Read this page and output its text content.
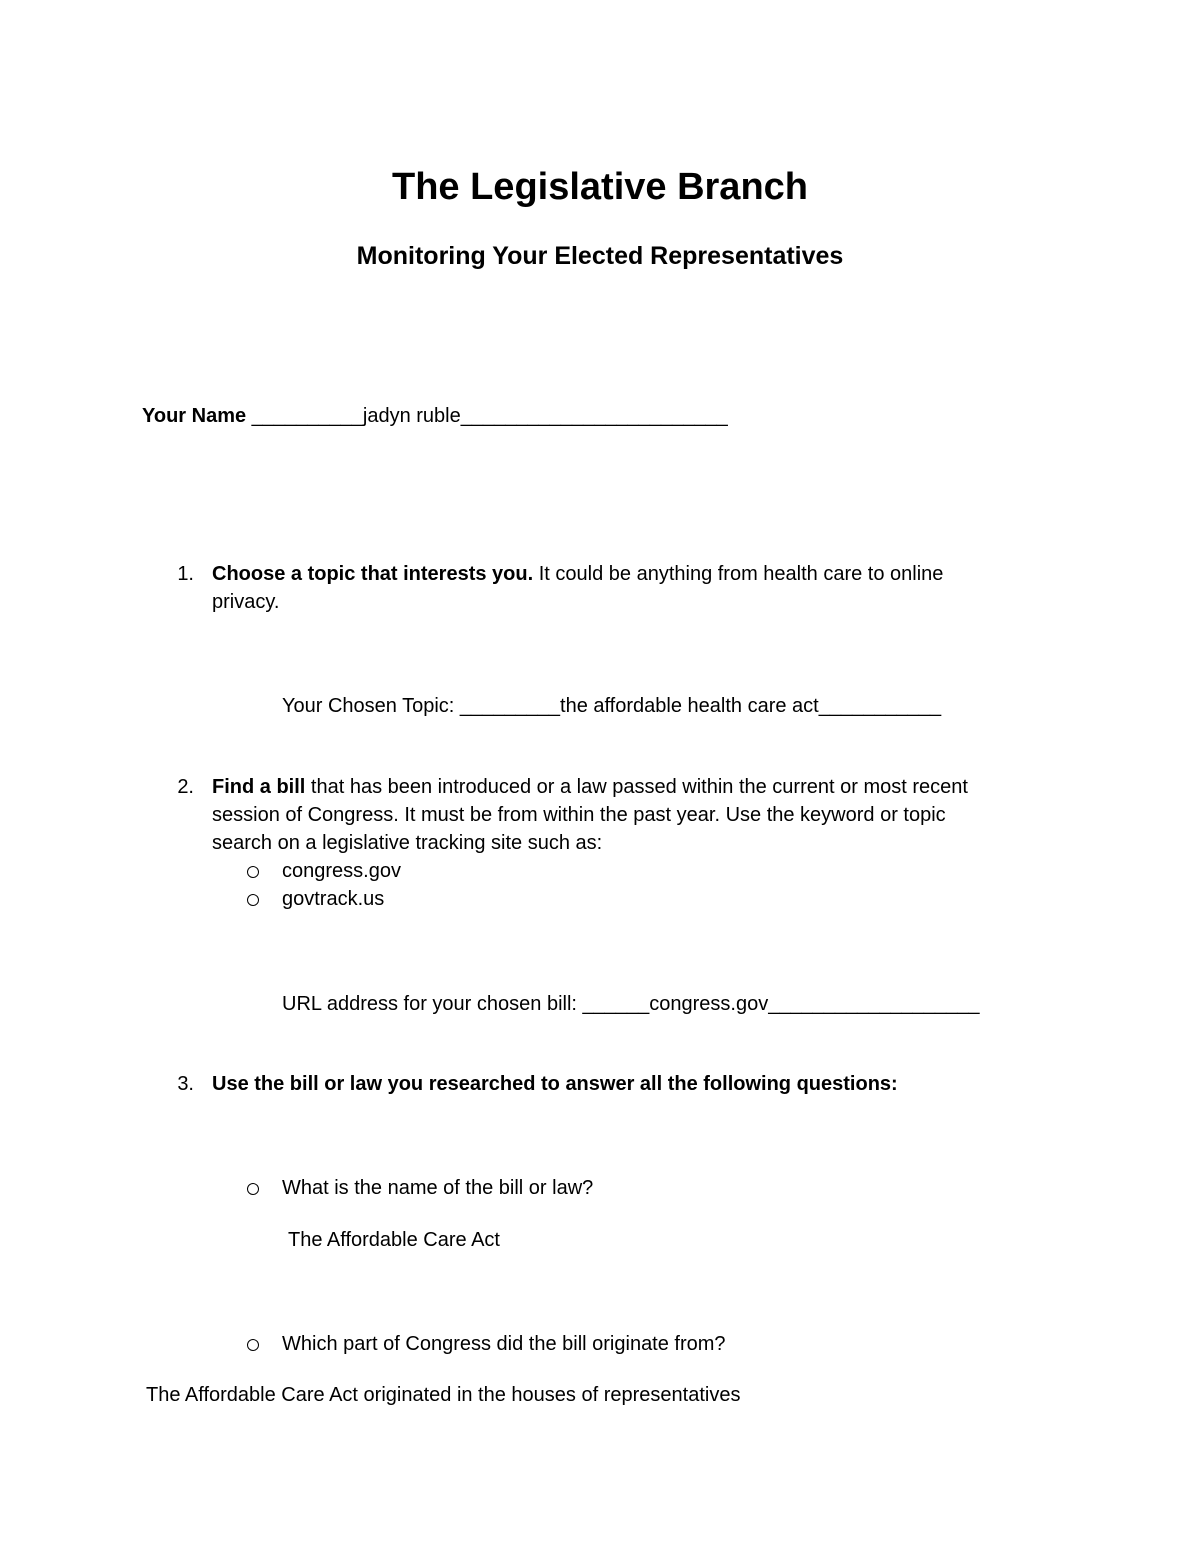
The Legislative Branch
Monitoring Your Elected Representatives
Your Name __________jadyn ruble________________________
1. Choose a topic that interests you. It could be anything from health care to online
privacy.
Your Chosen Topic: _________the affordable health care act___________
2. Find a bill that has been introduced or a law passed within the current or most recent
session of Congress. It must be from within the past year. Use the keyword or topic
search on a legislative tracking site such as:
congress.gov
govtrack.us
URL address for your chosen bill: ______congress.gov___________________
3. Use the bill or law you researched to answer all the following questions:
What is the name of the bill or law?
The Affordable Care Act
Which part of Congress did the bill originate from?
The Affordable Care Act originated in the houses of representatives
